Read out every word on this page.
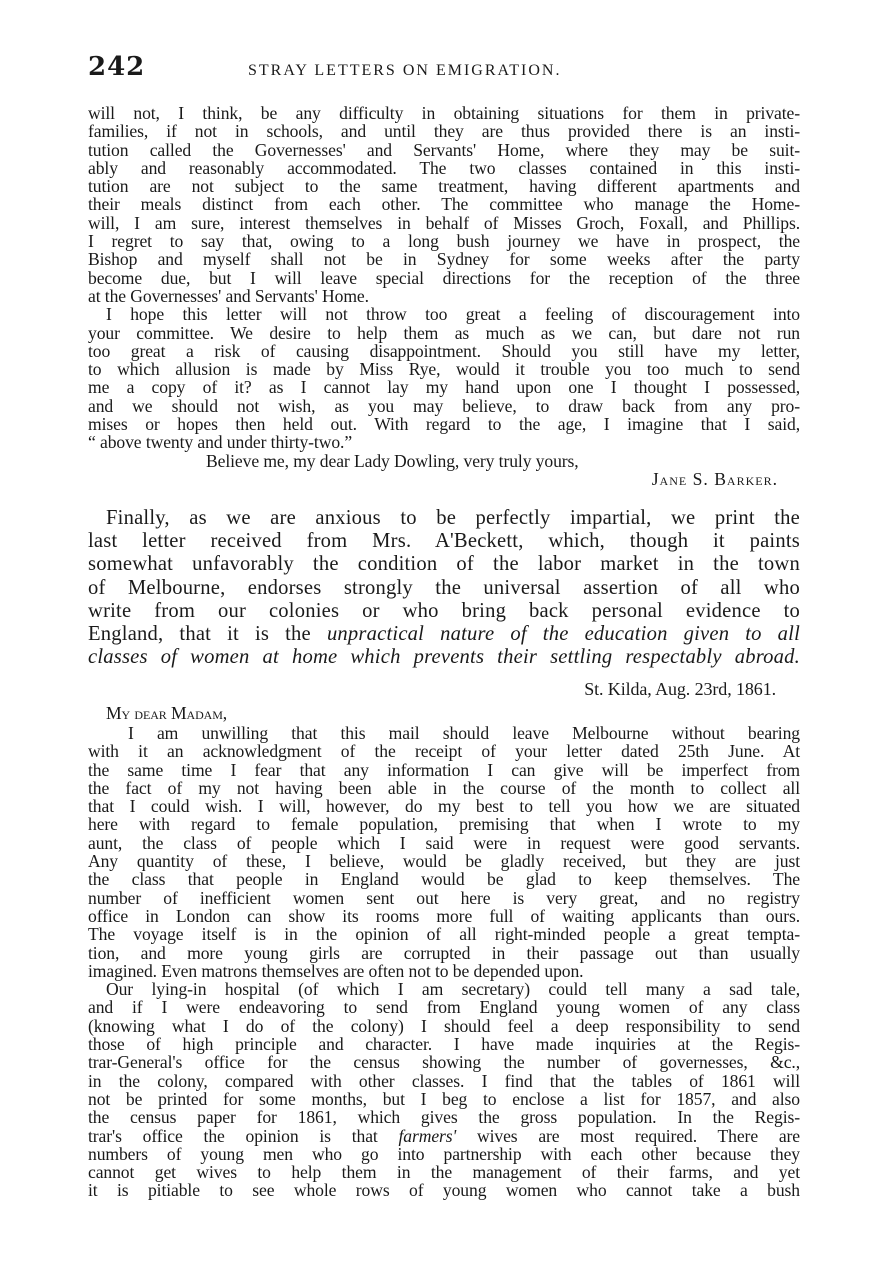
242	STRAY LETTERS ON EMIGRATION.
will not, I think, be any difficulty in obtaining situations for them in private-
families, if not in schools, and until they are thus provided there is an insti-
tution called the Governesses' and Servants' Home, where they may be suit-
ably and reasonably accommodated. The two classes contained in this insti-
tution are not subject to the same treatment, having different apartments and
their meals distinct from each other. The committee who manage the Home-
will, I am sure, interest themselves in behalf of Misses Groch, Foxall, and Phillips.
I regret to say that, owing to a long bush journey we have in prospect, the
Bishop and myself shall not be in Sydney for some weeks after the party
become due, but I will leave special directions for the reception of the three
at the Governesses' and Servants' Home.
I hope this letter will not throw too great a feeling of discouragement into
your committee. We desire to help them as much as we can, but dare not run
too great a risk of causing disappointment. Should you still have my letter,
to which allusion is made by Miss Rye, would it trouble you too much to send
me a copy of it? as I cannot lay my hand upon one I thought I possessed,
and we should not wish, as you may believe, to draw back from any pro-
mises or hopes then held out. With regard to the age, I imagine that I said,
“ above twenty and under thirty-two.”
Believe me, my dear Lady Dowling, very truly yours,
Jane S. Barker.
Finally, as we are anxious to be perfectly impartial, we print the
last letter received from Mrs. A'Beckett, which, though it paints
somewhat unfavorably the condition of the labor market in the town
of Melbourne, endorses strongly the universal assertion of all who
write from our colonies or who bring back personal evidence to
England, that it is the unpractical nature of the education given to all
classes of women at home which prevents their settling respectably abroad.
St. Kilda, Aug. 23rd, 1861.
My dear Madam,
I am unwilling that this mail should leave Melbourne without bearing
with it an acknowledgment of the receipt of your letter dated 25th June. At
the same time I fear that any information I can give will be imperfect from
the fact of my not having been able in the course of the month to collect all
that I could wish. I will, however, do my best to tell you how we are situated
here with regard to female population, premising that when I wrote to my
aunt, the class of people which I said were in request were good servants.
Any quantity of these, I believe, would be gladly received, but they are just
the class that people in England would be glad to keep themselves. The
number of inefficient women sent out here is very great, and no registry
office in London can show its rooms more full of waiting applicants than ours.
The voyage itself is in the opinion of all right-minded people a great tempta-
tion, and more young girls are corrupted in their passage out than usually
imagined. Even matrons themselves are often not to be depended upon.
Our lying-in hospital (of which I am secretary) could tell many a sad tale,
and if I were endeavoring to send from England young women of any class
(knowing what I do of the colony) I should feel a deep responsibility to send
those of high principle and character. I have made inquiries at the Regis-
trar-General's office for the census showing the number of governesses, &c.,
in the colony, compared with other classes. I find that the tables of 1861 will
not be printed for some months, but I beg to enclose a list for 1857, and also
the census paper for 1861, which gives the gross population. In the Regis-
trar's office the opinion is that farmers' wives are most required. There are
numbers of young men who go into partnership with each other because they
cannot get wives to help them in the management of their farms, and yet
it is pitiable to see whole rows of young women who cannot take a bush
